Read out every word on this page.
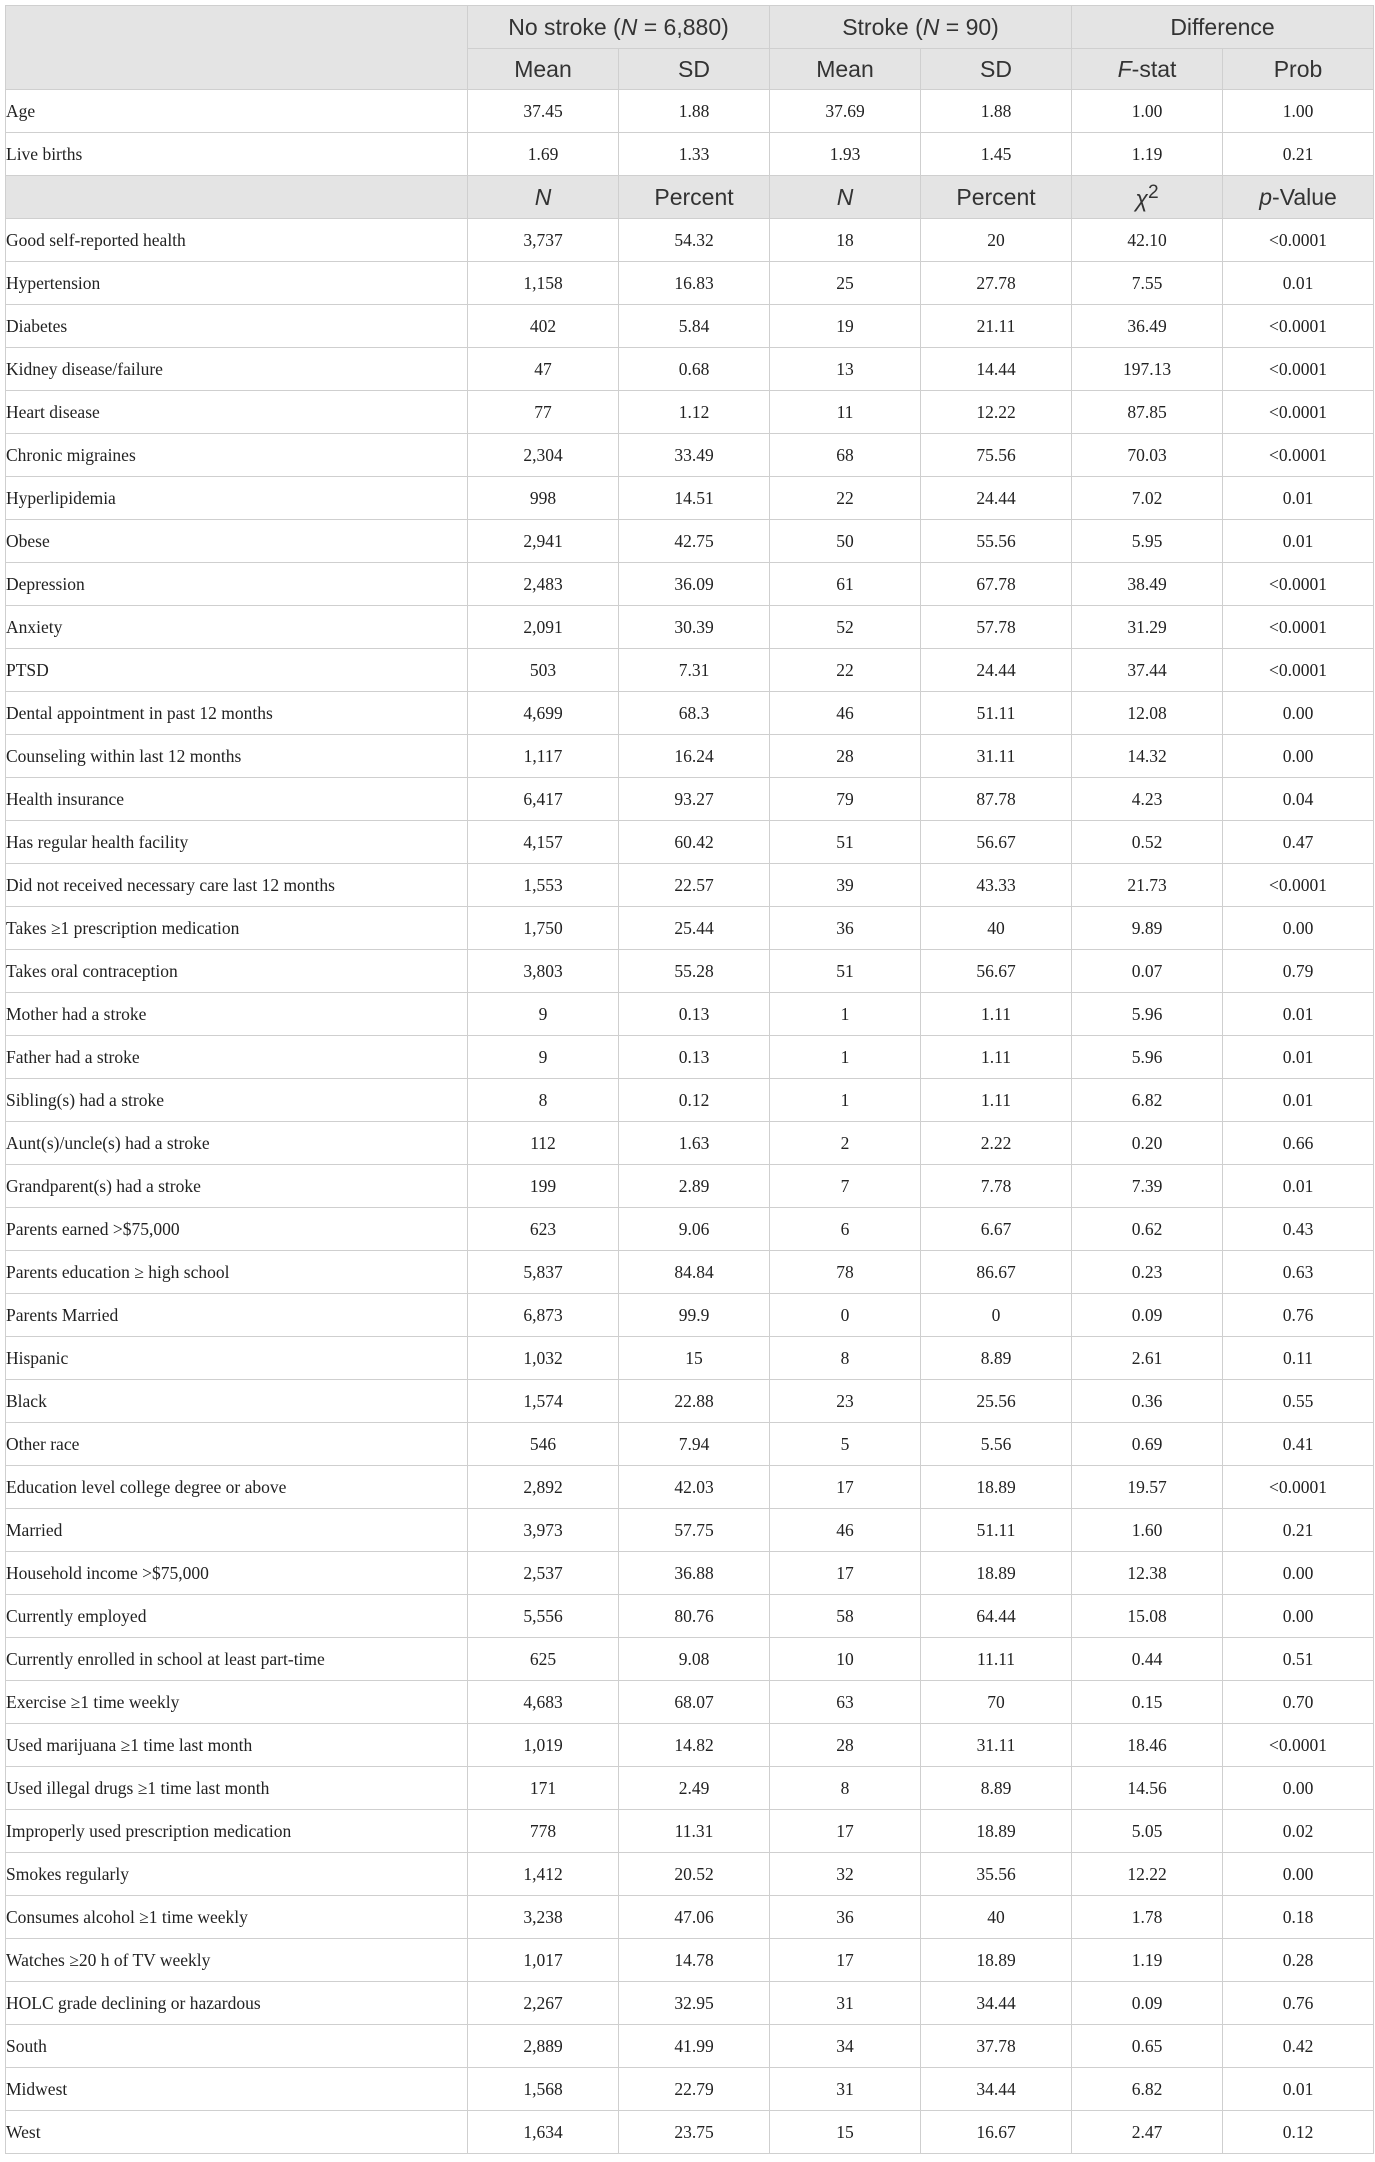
	No stroke (N = 6,880)		Stroke (N = 90)		Difference	
	Mean	SD	Mean	SD	F-stat	Prob
Age	37.45	1.88	37.69	1.88	1.00	1.00
Live births	1.69	1.33	1.93	1.45	1.19	0.21
	N	Percent	N	Percent	$\chi^2$	p-Value
Good self-reported health	3,737	54.32	18	20	42.10	<0.0001
Hypertension	1,158	16.83	25	27.78	7.55	0.01
Diabetes	402	5.84	19	21.11	36.49	<0.0001
Kidney disease/failure	47	0.68	13	14.44	197.13	<0.0001
Heart disease	77	1.12	11	12.22	87.85	<0.0001
Chronic migraines	2,304	33.49	68	75.56	70.03	<0.0001
Hyperlipidemia	998	14.51	22	24.44	7.02	0.01
Obese	2,941	42.75	50	55.56	5.95	0.01
Depression	2,483	36.09	61	67.78	38.49	<0.0001
Anxiety	2,091	30.39	52	57.78	31.29	<0.0001
PTSD	503	7.31	22	24.44	37.44	<0.0001
Dental appointment in past 12 months	4,699	68.3	46	51.11	12.08	0.00
Counseling within last 12 months	1,117	16.24	28	31.11	14.32	0.00
Health insurance	6,417	93.27	79	87.78	4.23	0.04
Has regular health facility	4,157	60.42	51	56.67	0.52	0.47
Did not received necessary care last 12 months	1,553	22.57	39	43.33	21.73	<0.0001
Takes ≥1 prescription medication	1,750	25.44	36	40	9.89	0.00
Takes oral contraception	3,803	55.28	51	56.67	0.07	0.79
Mother had a stroke	9	0.13	1	1.11	5.96	0.01
Father had a stroke	9	0.13	1	1.11	5.96	0.01
Sibling(s) had a stroke	8	0.12	1	1.11	6.82	0.01
Aunt(s)/uncle(s) had a stroke	112	1.63	2	2.22	0.20	0.66
Grandparent(s) had a stroke	199	2.89	7	7.78	7.39	0.01
Parents earned >$75,000	623	9.06	6	6.67	0.62	0.43
Parents education ≥ high school	5,837	84.84	78	86.67	0.23	0.63
Parents Married	6,873	99.9	0	0	0.09	0.76
Hispanic	1,032	15	8	8.89	2.61	0.11
Black	1,574	22.88	23	25.56	0.36	0.55
Other race	546	7.94	5	5.56	0.69	0.41
Education level college degree or above	2,892	42.03	17	18.89	19.57	<0.0001
Married	3,973	57.75	46	51.11	1.60	0.21
Household income >$75,000	2,537	36.88	17	18.89	12.38	0.00
Currently employed	5,556	80.76	58	64.44	15.08	0.00
Currently enrolled in school at least part-time	625	9.08	10	11.11	0.44	0.51
Exercise ≥1 time weekly	4,683	68.07	63	70	0.15	0.70
Used marijuana ≥1 time last month	1,019	14.82	28	31.11	18.46	<0.0001
Used illegal drugs ≥1 time last month	171	2.49	8	8.89	14.56	0.00
Improperly used prescription medication	778	11.31	17	18.89	5.05	0.02
Smokes regularly	1,412	20.52	32	35.56	12.22	0.00
Consumes alcohol ≥1 time weekly	3,238	47.06	36	40	1.78	0.18
Watches ≥20 h of TV weekly	1,017	14.78	17	18.89	1.19	0.28
HOLC grade declining or hazardous	2,267	32.95	31	34.44	0.09	0.76
South	2,889	41.99	34	37.78	0.65	0.42
Midwest	1,568	22.79	31	34.44	6.82	0.01
West	1,634	23.75	15	16.67	2.47	0.12
